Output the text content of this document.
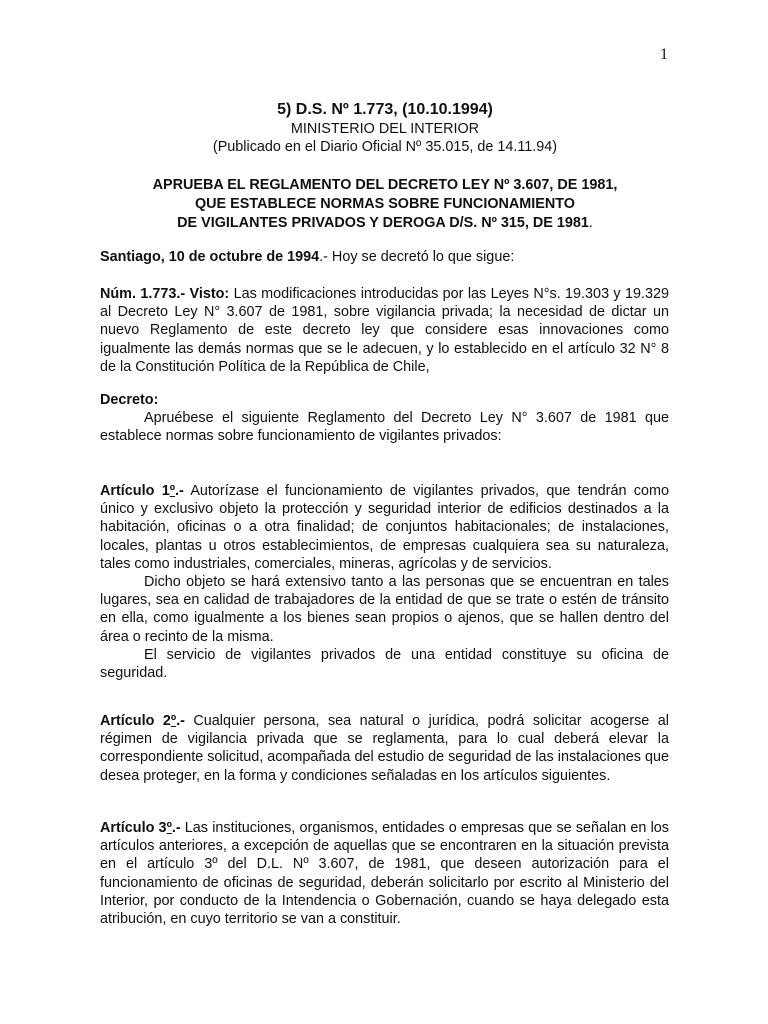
1
5) D.S. Nº 1.773, (10.10.1994)
MINISTERIO DEL INTERIOR
(Publicado en el Diario Oficial Nº 35.015, de 14.11.94)
APRUEBA EL REGLAMENTO DEL DECRETO LEY Nº 3.607, DE 1981,
QUE ESTABLECE NORMAS SOBRE FUNCIONAMIENTO
DE VIGILANTES PRIVADOS Y DEROGA D/S. Nº 315, DE 1981.

Santiago, 10 de octubre de 1994.- Hoy se decretó lo que sigue:

Núm. 1.773.- Visto: Las modificaciones introducidas por las Leyes N°s. 19.303 y 19.329 al Decreto Ley N° 3.607 de 1981, sobre vigilancia privada; la necesidad de dictar un nuevo Reglamento de este decreto ley que considere esas innovaciones como igualmente las demás normas que se le adecuen, y lo establecido en el artículo 32 N° 8 de la Constitución Política de la República de Chile,

Decreto:

Apruébese el siguiente Reglamento del Decreto Ley N° 3.607 de 1981 que establece normas sobre funcionamiento de vigilantes privados:

Artículo 1º.- Autorízase el funcionamiento de vigilantes privados, que tendrán como único y exclusivo objeto la protección y seguridad interior de edificios destinados a la habitación, oficinas o a otra finalidad; de conjuntos habitacionales; de instalaciones, locales, plantas u otros establecimientos, de empresas cualquiera sea su naturaleza, tales como industriales, comerciales, mineras, agrícolas y de servicios.

Dicho objeto se hará extensivo tanto a las personas que se encuentran en tales lugares, sea en calidad de trabajadores de la entidad de que se trate o estén de tránsito en ella, como igualmente a los bienes sean propios o ajenos, que se hallen dentro del área o recinto de la misma.

El servicio de vigilantes privados de una entidad constituye su oficina de seguridad.

Artículo 2º.- Cualquier persona, sea natural o jurídica, podrá solicitar acogerse al régimen de vigilancia privada que se reglamenta, para lo cual deberá elevar la correspondiente solicitud, acompañada del estudio de seguridad de las instalaciones que desea proteger, en la forma y condiciones señaladas en los artículos siguientes.

Artículo 3º.- Las instituciones, organismos, entidades o empresas que se señalan en los artículos anteriores, a excepción de aquellas que se encontraren en la situación prevista en el artículo 3º del D.L. Nº 3.607, de 1981, que deseen autorización para el funcionamiento de oficinas de seguridad, deberán solicitarlo por escrito al Ministerio del Interior, por conducto de la Intendencia o Gobernación, cuando se haya delegado esta atribución, en cuyo territorio se van a constituir.
